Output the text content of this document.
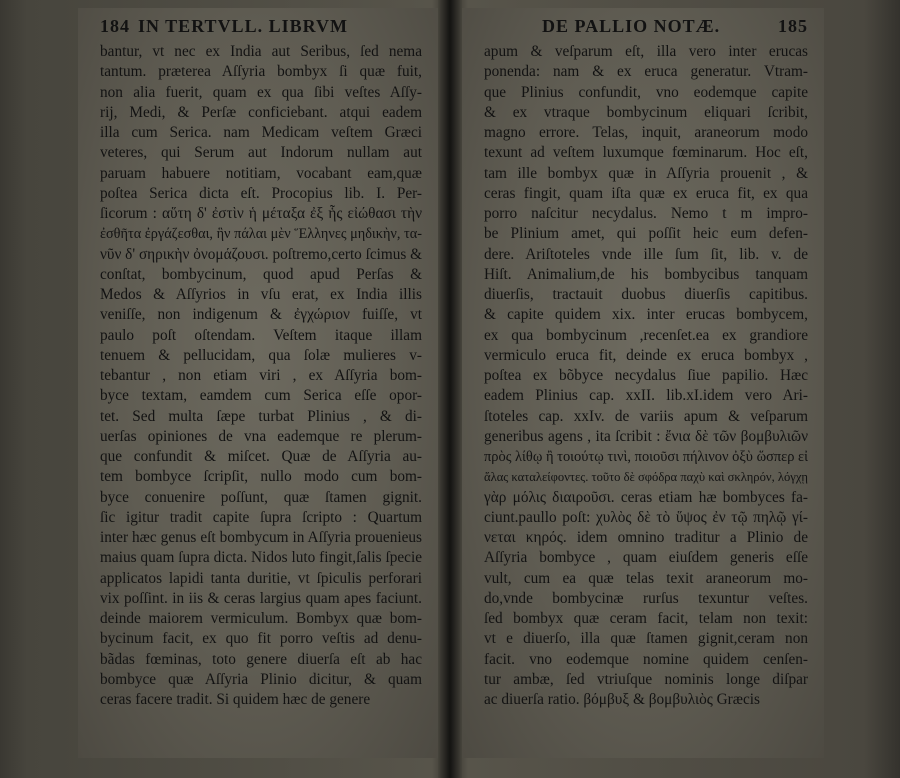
184 IN TERTVLL. LIBRVM
bantur, vt nec ex India aut Seribus, ſed nema
tantum. præterea Aſſyria bombyx ſi quæ fuit,
non alia fuerit, quam ex qua ſibi veſtes Aſſy-
rij, Medi, & Perſæ conficiebant. atqui eadem
illa cum Serica. nam Medicam veſtem Græci
veteres, qui Serum aut Indorum nullam aut
paruam habuere notitiam, vocabant eam,quæ
poſtea Serica dicta eſt. Procopius lib. I. Per-
ſicorum : αὕτη δ' ἐστὶν ἡ μέταξα ἐξ ἧς εἰώθασι τὴν
ἐσθῆτα ἐργάζεσθαι, ἣν πάλαι μὲν Ἕλληνες μηδικὴν, τα-
νῦν δ' σηρικὴν ὀνομάζουσι. poſtremo,certo ſcimus &
conſtat, bombycinum, quod apud Perſas &
Medos & Aſſyrios in vſu erat, ex India illis
veniſſe, non indigenum & ἐγχώριον fuiſſe, vt
paulo poſt oſtendam. Veſtem itaque illam
tenuem & pellucidam, qua ſolæ mulieres v-
tebantur , non etiam viri , ex Aſſyria bom-
byce textam, eamdem cum Serica eſſe opor-
tet. Sed multa ſæpe turbat Plinius , & di-
uerſas opiniones de vna eademque re plerum-
que confundit & miſcet. Quæ de Aſſyria au-
tem bombyce ſcripſit, nullo modo cum bom-
byce conuenire poſſunt, quæ ſtamen gignit.
ſic igitur tradit capite ſupra ſcripto : Quartum
inter hæc genus eſt bombycum in Aſſyria prouenieus
maius quam ſupra dicta. Nidos luto fingit,ſalis ſpecie
applicatos lapidi tanta duritie, vt ſpiculis perforari
vix poſſint. in iis & ceras largius quam apes faciunt.
deinde maiorem vermiculum. Bombyx quæ bom-
bycinum facit, ex quo fit porro veſtis ad denu-
bãdas fœminas, toto genere diuerſa eſt ab hac
bombyce quæ Aſſyria Plinio dicitur, & quam
ceras facere tradit. Si quidem hæc de genere
DE PALLIO NOTÆ.	185
apum & veſparum eſt, illa vero inter erucas
ponenda: nam & ex eruca generatur. Vtram-
que Plinius confundit, vno eodemque capite
& ex vtraque bombycinum eliquari ſcribit,
magno errore. Telas, inquit, araneorum modo
texunt ad veſtem luxumque fœminarum. Hoc eſt,
tam ille bombyx quæ in Aſſyria prouenit , &
ceras fingit, quam iſta quæ ex eruca fit, ex qua
porro naſcitur necydalus. Nemo t m impro-
be Plinium amet, qui poſſit heic eum defen-
dere. Ariſtoteles vnde ille ſum ſit, lib. v. de
Hiſt. Animalium,de his bombycibus tanquam
diuerſis, tractauit duobus diuerſis capitibus.
& capite quidem xix. inter erucas bombycem,
ex qua bombycinum ,recenſet.ea ex grandiore
vermiculo eruca fit, deinde ex eruca bombyx ,
poſtea ex bõbyce necydalus ſiue papilio. Hæc
eadem Plinius cap. xxII. lib.xI.idem vero Ari-
ſtoteles cap. xxIv. de variis apum & veſparum
generibus agens , ita ſcribit : ἔνια δὲ τῶν βομβυλιῶν
πρὸς λίθῳ ἢ τοιούτῳ τινὶ, ποιοῦσι πήλινον ὀξὺ ὥσπερ εἰ
ἅλας καταλείφοντες. τοῦτο δὲ σφόδρα παχὺ καὶ σκληρόν, λόγχῃ
γὰρ μόλις διαιροῦσι. ceras etiam hæ bombyces fa-
ciunt.paullo poſt: χυλὸς δὲ τὸ ὕψος ἐν τῷ πηλῷ γί-
νεται κηρός. idem omnino traditur a Plinio de
Aſſyria bombyce , quam eiuſdem generis eſſe
vult, cum ea quæ telas texit araneorum mo-
do,vnde bombycinæ rurſus texuntur veſtes.
ſed bombyx quæ ceram facit, telam non texit:
vt e diuerſo, illa quæ ſtamen gignit,ceram non
facit. vno eodemque nomine quidem cenſen-
tur ambæ, ſed vtriuſque nominis longe diſpar
ac diuerſa ratio. βόμβυξ & βομβυλιὸς Græcis
